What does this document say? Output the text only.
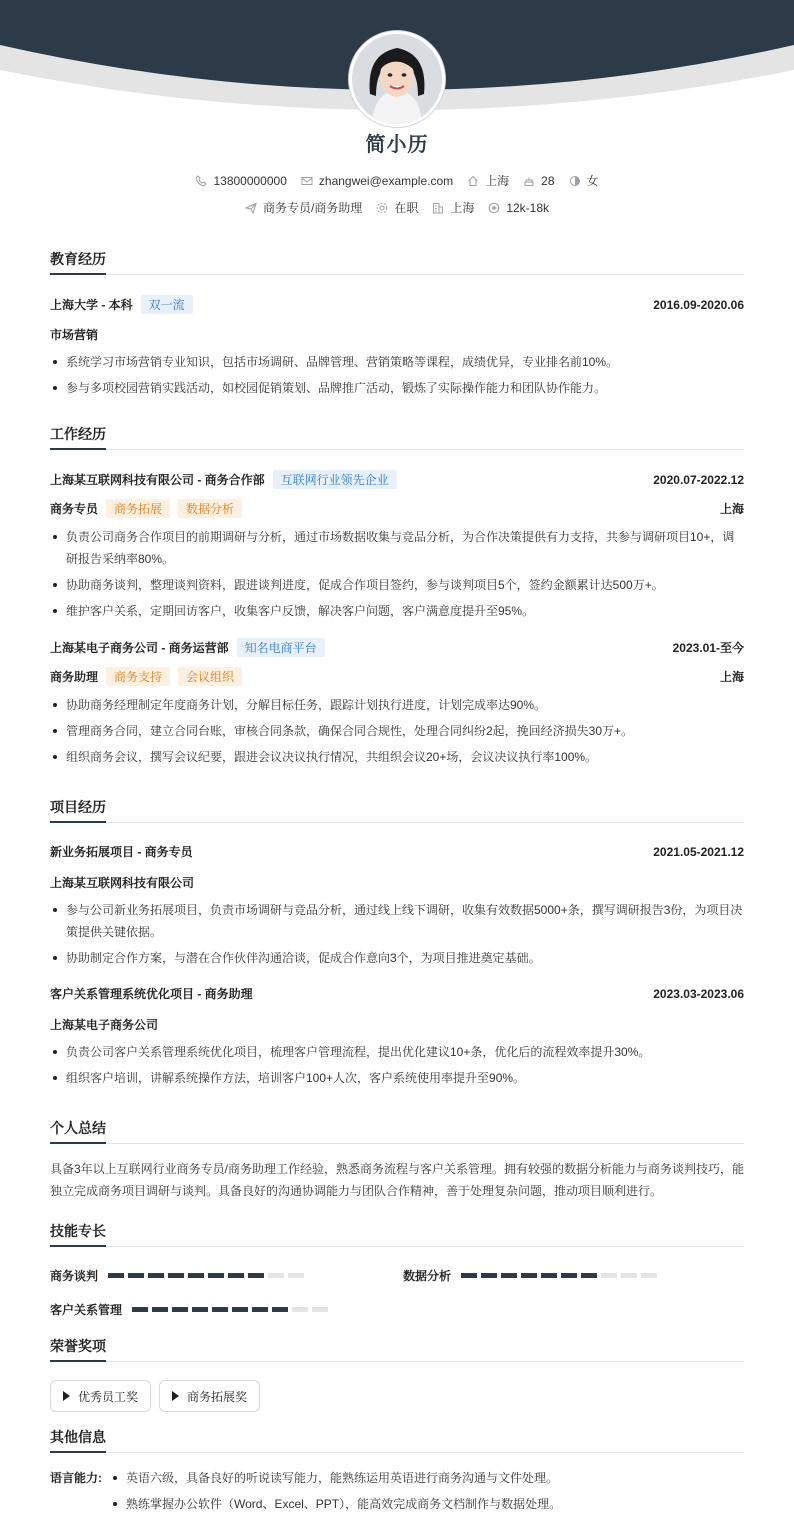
简小历
13800000000	zhangwei@example.com	上海	28	女
商务专员/商务助理	在职	上海	12k-18k
教育经历
上海大学 - 本科	双一流	2016.09-2020.06
市场营销
系统学习市场营销专业知识，包括市场调研、品牌管理、营销策略等课程，成绩优异，专业排名前10%。
参与多项校园营销实践活动，如校园促销策划、品牌推广活动，锻炼了实际操作能力和团队协作能力。
工作经历
上海某互联网科技有限公司 - 商务合作部	互联网行业领先企业	2020.07-2022.12
商务专员	商务拓展	数据分析	上海
负责公司商务合作项目的前期调研与分析，通过市场数据收集与竞品分析，为合作决策提供有力支持，共参与调研项目10+，调研报告采纳率80%。
协助商务谈判，整理谈判资料，跟进谈判进度，促成合作项目签约，参与谈判项目5个，签约金额累计达500万+。
维护客户关系，定期回访客户，收集客户反馈，解决客户问题，客户满意度提升至95%。
上海某电子商务公司 - 商务运营部	知名电商平台	2023.01-至今
商务助理	商务支持	会议组织	上海
协助商务经理制定年度商务计划，分解目标任务，跟踪计划执行进度，计划完成率达90%。
管理商务合同，建立合同台账，审核合同条款，确保合同合规性，处理合同纠纷2起，挽回经济损失30万+。
组织商务会议，撰写会议纪要，跟进会议决议执行情况，共组织会议20+场，会议决议执行率100%。
项目经历
新业务拓展项目 - 商务专员	2021.05-2021.12
上海某互联网科技有限公司
参与公司新业务拓展项目，负责市场调研与竞品分析，通过线上线下调研，收集有效数据5000+条，撰写调研报告3份，为项目决策提供关键依据。
协助制定合作方案，与潜在合作伙伴沟通洽谈，促成合作意向3个，为项目推进奠定基础。
客户关系管理系统优化项目 - 商务助理	2023.03-2023.06
上海某电子商务公司
负责公司客户关系管理系统优化项目，梳理客户管理流程，提出优化建议10+条，优化后的流程效率提升30%。
组织客户培训，讲解系统操作方法，培训客户100+人次，客户系统使用率提升至90%。
个人总结
具备3年以上互联网行业商务专员/商务助理工作经验，熟悉商务流程与客户关系管理。拥有较强的数据分析能力与商务谈判技巧，能独立完成商务项目调研与谈判。具备良好的沟通协调能力与团队合作精神，善于处理复杂问题，推动项目顺利进行。
技能专长
商务谈判	数据分析
客户关系管理
荣誉奖项
优秀员工奖	商务拓展奖
其他信息
语言能力:	英语六级，具备良好的听说读写能力，能熟练运用英语进行商务沟通与文件处理。
熟练掌握办公软件（Word、Excel、PPT），能高效完成商务文档制作与数据处理。
